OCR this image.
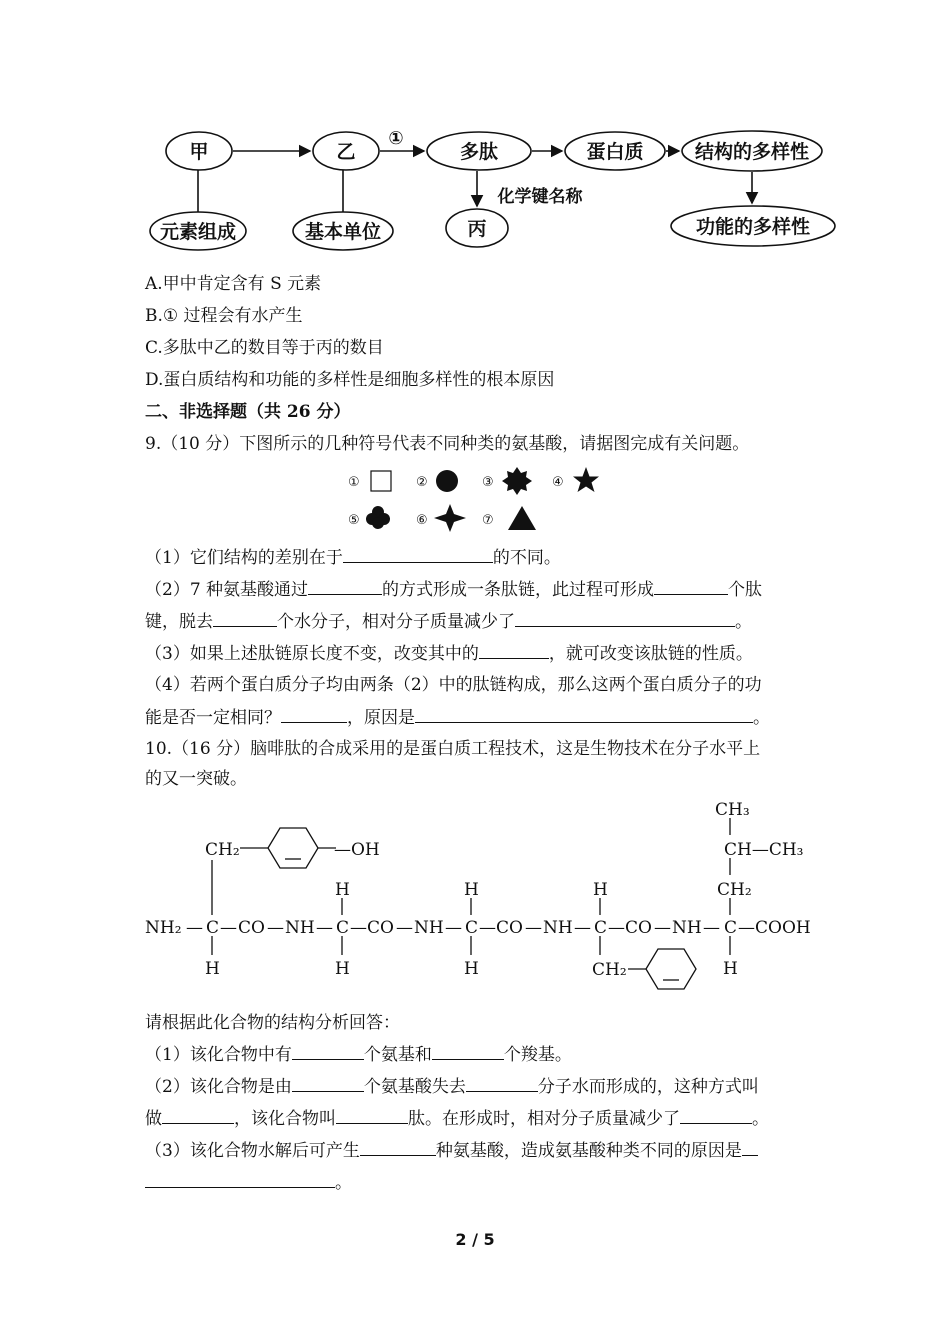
甲	乙	多肽	蛋白质	结构的多样性
元素组成	基本单位	丙	功能的多样性
①
化学键名称
A.甲中肯定含有 S 元素
B.① 过程会有水产生
C.多肽中乙的数目等于丙的数目
D.蛋白质结构和功能的多样性是细胞多样性的根本原因
二、非选择题（共 26 分）
9.（10 分）下图所示的几种符号代表不同种类的氨基酸，请据图完成有关问题。
①	②	③	④
⑤	⑥	⑦
（1）它们结构的差别在于	的不同。
（2）7 种氨基酸通过	的方式形成一条肽链，此过程可形成	个肽
键，脱去	个水分子，相对分子质量减少了	。
（3）如果上述肽链原长度不变，改变其中的	，就可改变该肽链的性质。
（4）若两个蛋白质分子均由两条（2）中的肽链构成，那么这两个蛋白质分子的功
能是否一定相同？	，原因是	。
10.（16 分）脑啡肽的合成采用的是蛋白质工程技术，这是生物技术在分子水平上
的又一突破。
CH₃
CH—CH₃
CH₂
CH₂	—OH
H	H	H
NH₂ — C — CO — NH — C — CO — NH — C — CO — NH — C — CO — NH — C — COOH
H	H	H	CH₂	H
请根据此化合物的结构分析回答：
（1）该化合物中有	个氨基和	个羧基。
（2）该化合物是由	个氨基酸失去	分子水而形成的，这种方式叫
做	，该化合物叫	肽。在形成时，相对分子质量减少了	。
（3）该化合物水解后可产生	种氨基酸，造成氨基酸种类不同的原因是
。
2 / 5
